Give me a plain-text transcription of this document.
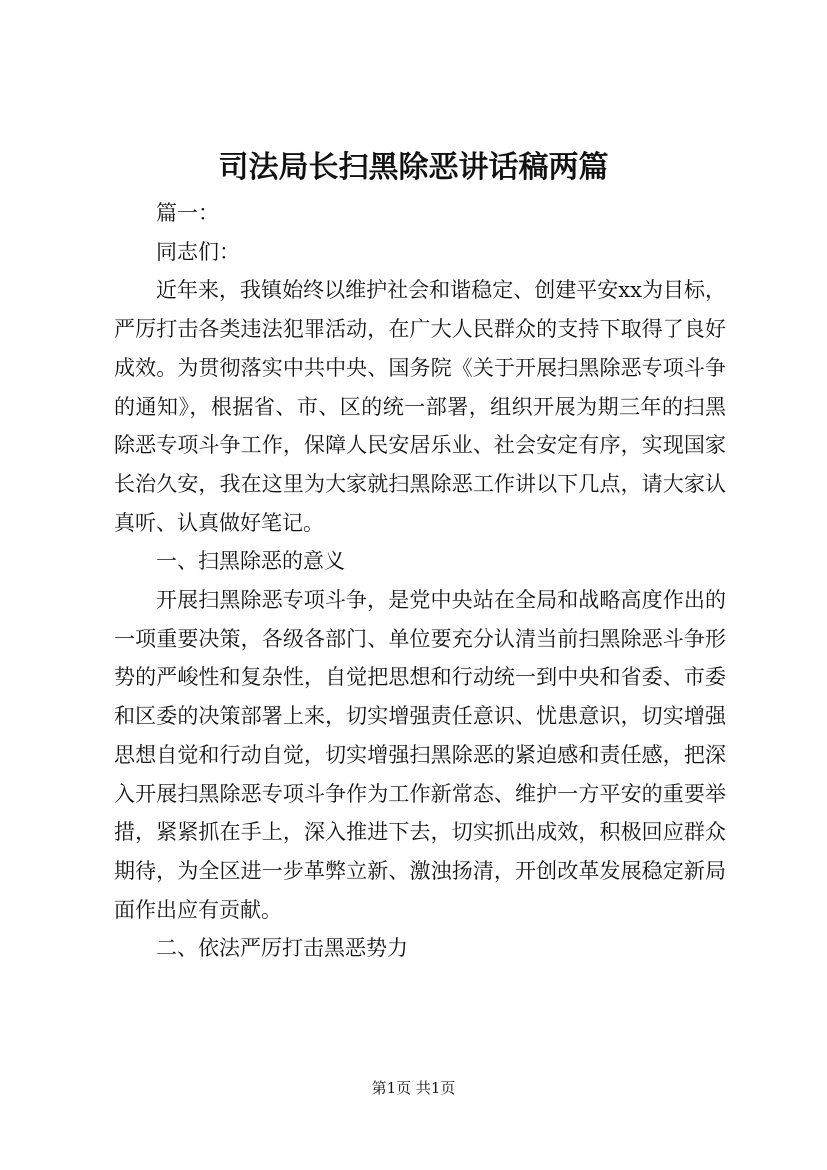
司法局长扫黑除恶讲话稿两篇

篇一：

同志们：

近年来，我镇始终以维护社会和谐稳定、创建平安xx为目标，严厉打击各类违法犯罪活动，在广大人民群众的支持下取得了良好成效。为贯彻落实中共中央、国务院《关于开展扫黑除恶专项斗争的通知》，根据省、市、区的统一部署，组织开展为期三年的扫黑除恶专项斗争工作，保障人民安居乐业、社会安定有序，实现国家长治久安，我在这里为大家就扫黑除恶工作讲以下几点，请大家认真听、认真做好笔记。

一、扫黑除恶的意义

开展扫黑除恶专项斗争，是党中央站在全局和战略高度作出的一项重要决策，各级各部门、单位要充分认清当前扫黑除恶斗争形势的严峻性和复杂性，自觉把思想和行动统一到中央和省委、市委和区委的决策部署上来，切实增强责任意识、忧患意识，切实增强思想自觉和行动自觉，切实增强扫黑除恶的紧迫感和责任感，把深入开展扫黑除恶专项斗争作为工作新常态、维护一方平安的重要举措，紧紧抓在手上，深入推进下去，切实抓出成效，积极回应群众期待，为全区进一步革弊立新、激浊扬清，开创改革发展稳定新局面作出应有贡献。

二、依法严厉打击黑恶势力

第1页 共1页
